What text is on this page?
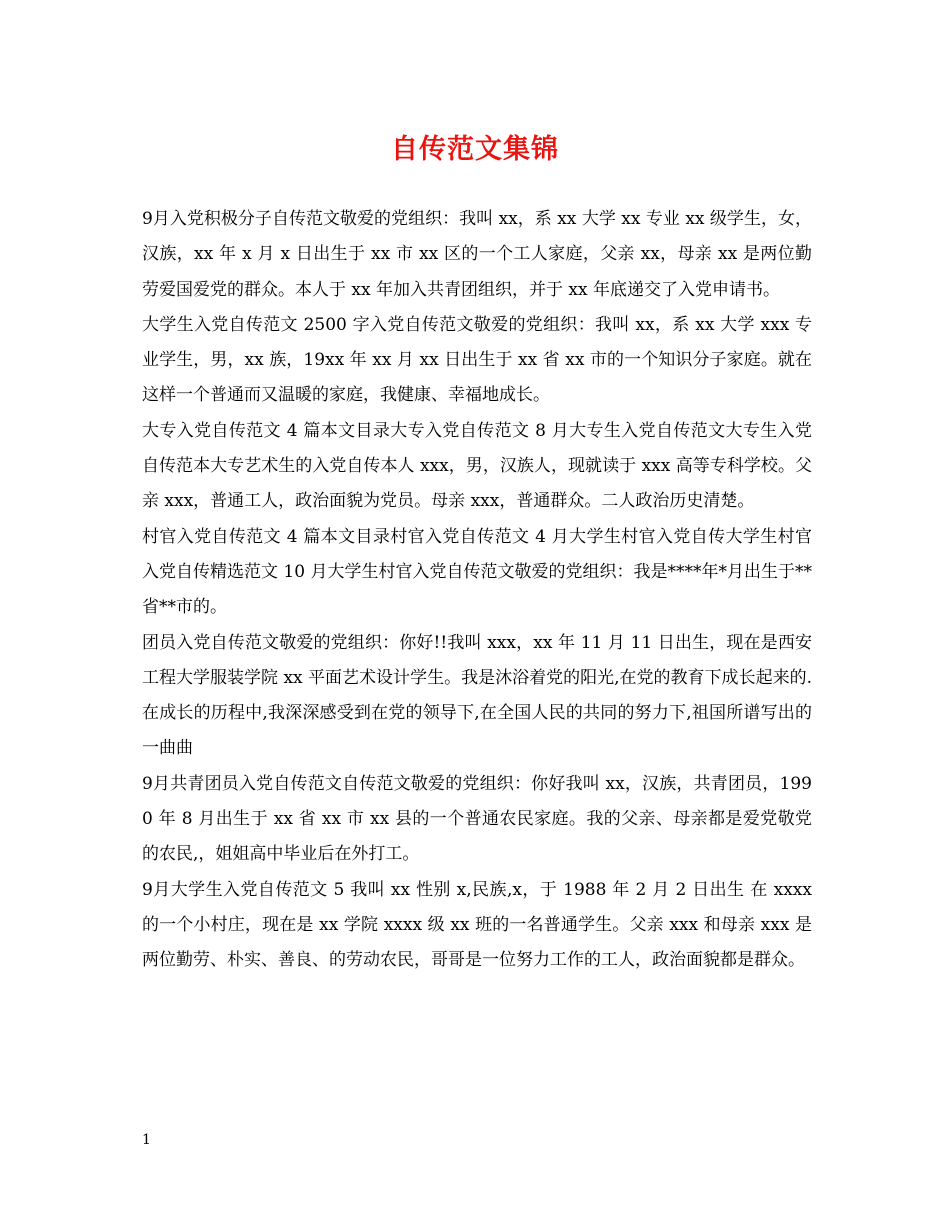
自传范文集锦

9月入党积极分子自传范文敬爱的党组织：我叫 xx，系 xx 大学 xx 专业 xx 级学生，女，汉族，xx 年 x 月 x 日出生于 xx 市 xx 区的一个工人家庭，父亲 xx，母亲 xx 是两位勤劳爱国爱党的群众。本人于 xx 年加入共青团组织，并于 xx 年底递交了入党申请书。

大学生入党自传范文 2500 字入党自传范文敬爱的党组织：我叫 xx，系 xx 大学 xxx 专业学生，男，xx 族，19xx 年 xx 月 xx 日出生于 xx 省 xx 市的一个知识分子家庭。就在这样一个普通而又温暖的家庭，我健康、幸福地成长。

大专入党自传范文 4 篇本文目录大专入党自传范文 8 月大专生入党自传范文大专生入党自传范本大专艺术生的入党自传本人 xxx，男，汉族人，现就读于 xxx 高等专科学校。父亲 xxx，普通工人，政治面貌为党员。母亲 xxx，普通群众。二人政治历史清楚。

村官入党自传范文 4 篇本文目录村官入党自传范文 4 月大学生村官入党自传大学生村官入党自传精选范文 10 月大学生村官入党自传范文敬爱的党组织：我是****年*月出生于**省**市的。

团员入党自传范文敬爱的党组织：你好!!我叫 xxx，xx 年 11 月 11 日出生，现在是西安工程大学服装学院 xx 平面艺术设计学生。我是沐浴着党的阳光,在党的教育下成长起来的.在成长的历程中,我深深感受到在党的领导下,在全国人民的共同的努力下,祖国所谱写出的一曲曲

9月共青团员入党自传范文自传范文敬爱的党组织：你好我叫 xx，汉族，共青团员，1990 年 8 月出生于 xx 省 xx 市 xx 县的一个普通农民家庭。我的父亲、母亲都是爱党敬党的农民,，姐姐高中毕业后在外打工。

9月大学生入党自传范文 5 我叫 xx 性别 x,民族,x，于 1988 年 2 月 2 日出生 在 xxxx 的一个小村庄，现在是 xx 学院 xxxx 级 xx 班的一名普通学生。父亲 xxx 和母亲 xxx 是两位勤劳、朴实、善良、的劳动农民，哥哥是一位努力工作的工人，政治面貌都是群众。

1
